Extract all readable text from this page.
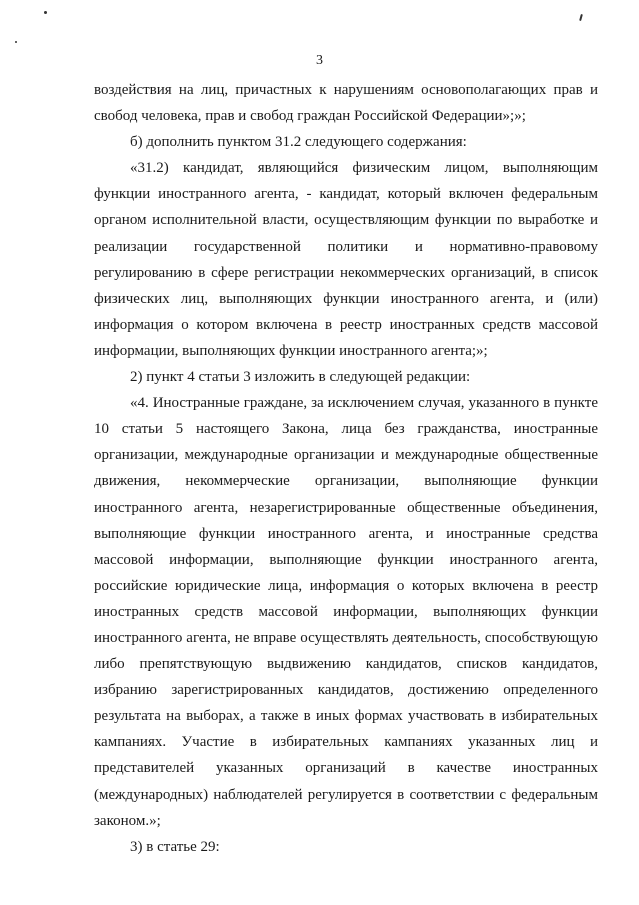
3

воздействия на лиц, причастных к нарушениям основополагающих прав и свобод человека, прав и свобод граждан Российской Федерации»;»;

б) дополнить пунктом 31.2 следующего содержания:

«31.2) кандидат, являющийся физическим лицом, выполняющим функции иностранного агента, - кандидат, который включен федеральным органом исполнительной власти, осуществляющим функции по выработке и реализации государственной политики и нормативно-правовому регулированию в сфере регистрации некоммерческих организаций, в список физических лиц, выполняющих функции иностранного агента, и (или) информация о котором включена в реестр иностранных средств массовой информации, выполняющих функции иностранного агента;»;

2) пункт 4 статьи 3 изложить в следующей редакции:

«4. Иностранные граждане, за исключением случая, указанного в пункте 10 статьи 5 настоящего Закона, лица без гражданства, иностранные организации, международные организации и международные общественные движения, некоммерческие организации, выполняющие функции иностранного агента, незарегистрированные общественные объединения, выполняющие функции иностранного агента, и иностранные средства массовой информации, выполняющие функции иностранного агента, российские юридические лица, информация о которых включена в реестр иностранных средств массовой информации, выполняющих функции иностранного агента, не вправе осуществлять деятельность, способствующую либо препятствующую выдвижению кандидатов, списков кандидатов, избранию зарегистрированных кандидатов, достижению определенного результата на выборах, а также в иных формах участвовать в избирательных кампаниях. Участие в избирательных кампаниях указанных лиц и представителей указанных организаций в качестве иностранных (международных) наблюдателей регулируется в соответствии с федеральным законом.»;

3) в статье 29:
